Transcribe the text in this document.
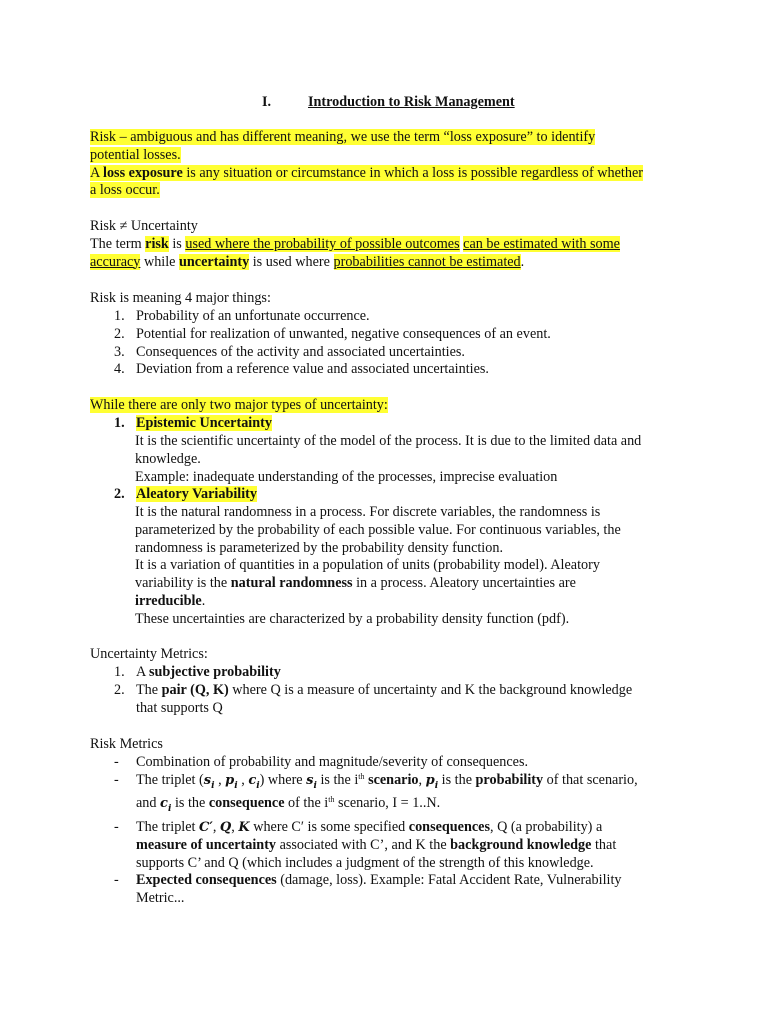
I.	Introduction to Risk Management
Risk – ambiguous and has different meaning, we use the term “loss exposure” to identify
potential losses.
A loss exposure is any situation or circumstance in which a loss is possible regardless of whether
a loss occur.
Risk ≠ Uncertainty
The term risk is used where the probability of possible outcomes can be estimated with some
accuracy while uncertainty is used where probabilities cannot be estimated.
Risk is meaning 4 major things:
1. Probability of an unfortunate occurrence.
2. Potential for realization of unwanted, negative consequences of an event.
3. Consequences of the activity and associated uncertainties.
4. Deviation from a reference value and associated uncertainties.
While there are only two major types of uncertainty:
1. Epistemic Uncertainty
It is the scientific uncertainty of the model of the process. It is due to the limited data and
knowledge.
Example: inadequate understanding of the processes, imprecise evaluation
2. Aleatory Variability
It is the natural randomness in a process. For discrete variables, the randomness is
parameterized by the probability of each possible value. For continuous variables, the
randomness is parameterized by the probability density function.
It is a variation of quantities in a population of units (probability model). Aleatory
variability is the natural randomness in a process. Aleatory uncertainties are
irreducible.
These uncertainties are characterized by a probability density function (pdf).
Uncertainty Metrics:
1. A subjective probability
2. The pair (Q, K) where Q is a measure of uncertainty and K the background knowledge
that supports Q
Risk Metrics
- Combination of probability and magnitude/severity of consequences.
- The triplet ($s_i$ , $p_i$ , $c_i$) where $s_i$ is the $i^{th}$ scenario, $p_i$ is the probability of that scenario,
and $c_i$ is the consequence of the $i^{th}$ scenario, I = 1..N.
- The triplet C′, Q, K where C′ is some specified consequences, Q (a probability) a
measure of uncertainty associated with C’, and K the background knowledge that
supports C’ and Q (which includes a judgment of the strength of this knowledge.
- Expected consequences (damage, loss). Example: Fatal Accident Rate, Vulnerability
Metric...
